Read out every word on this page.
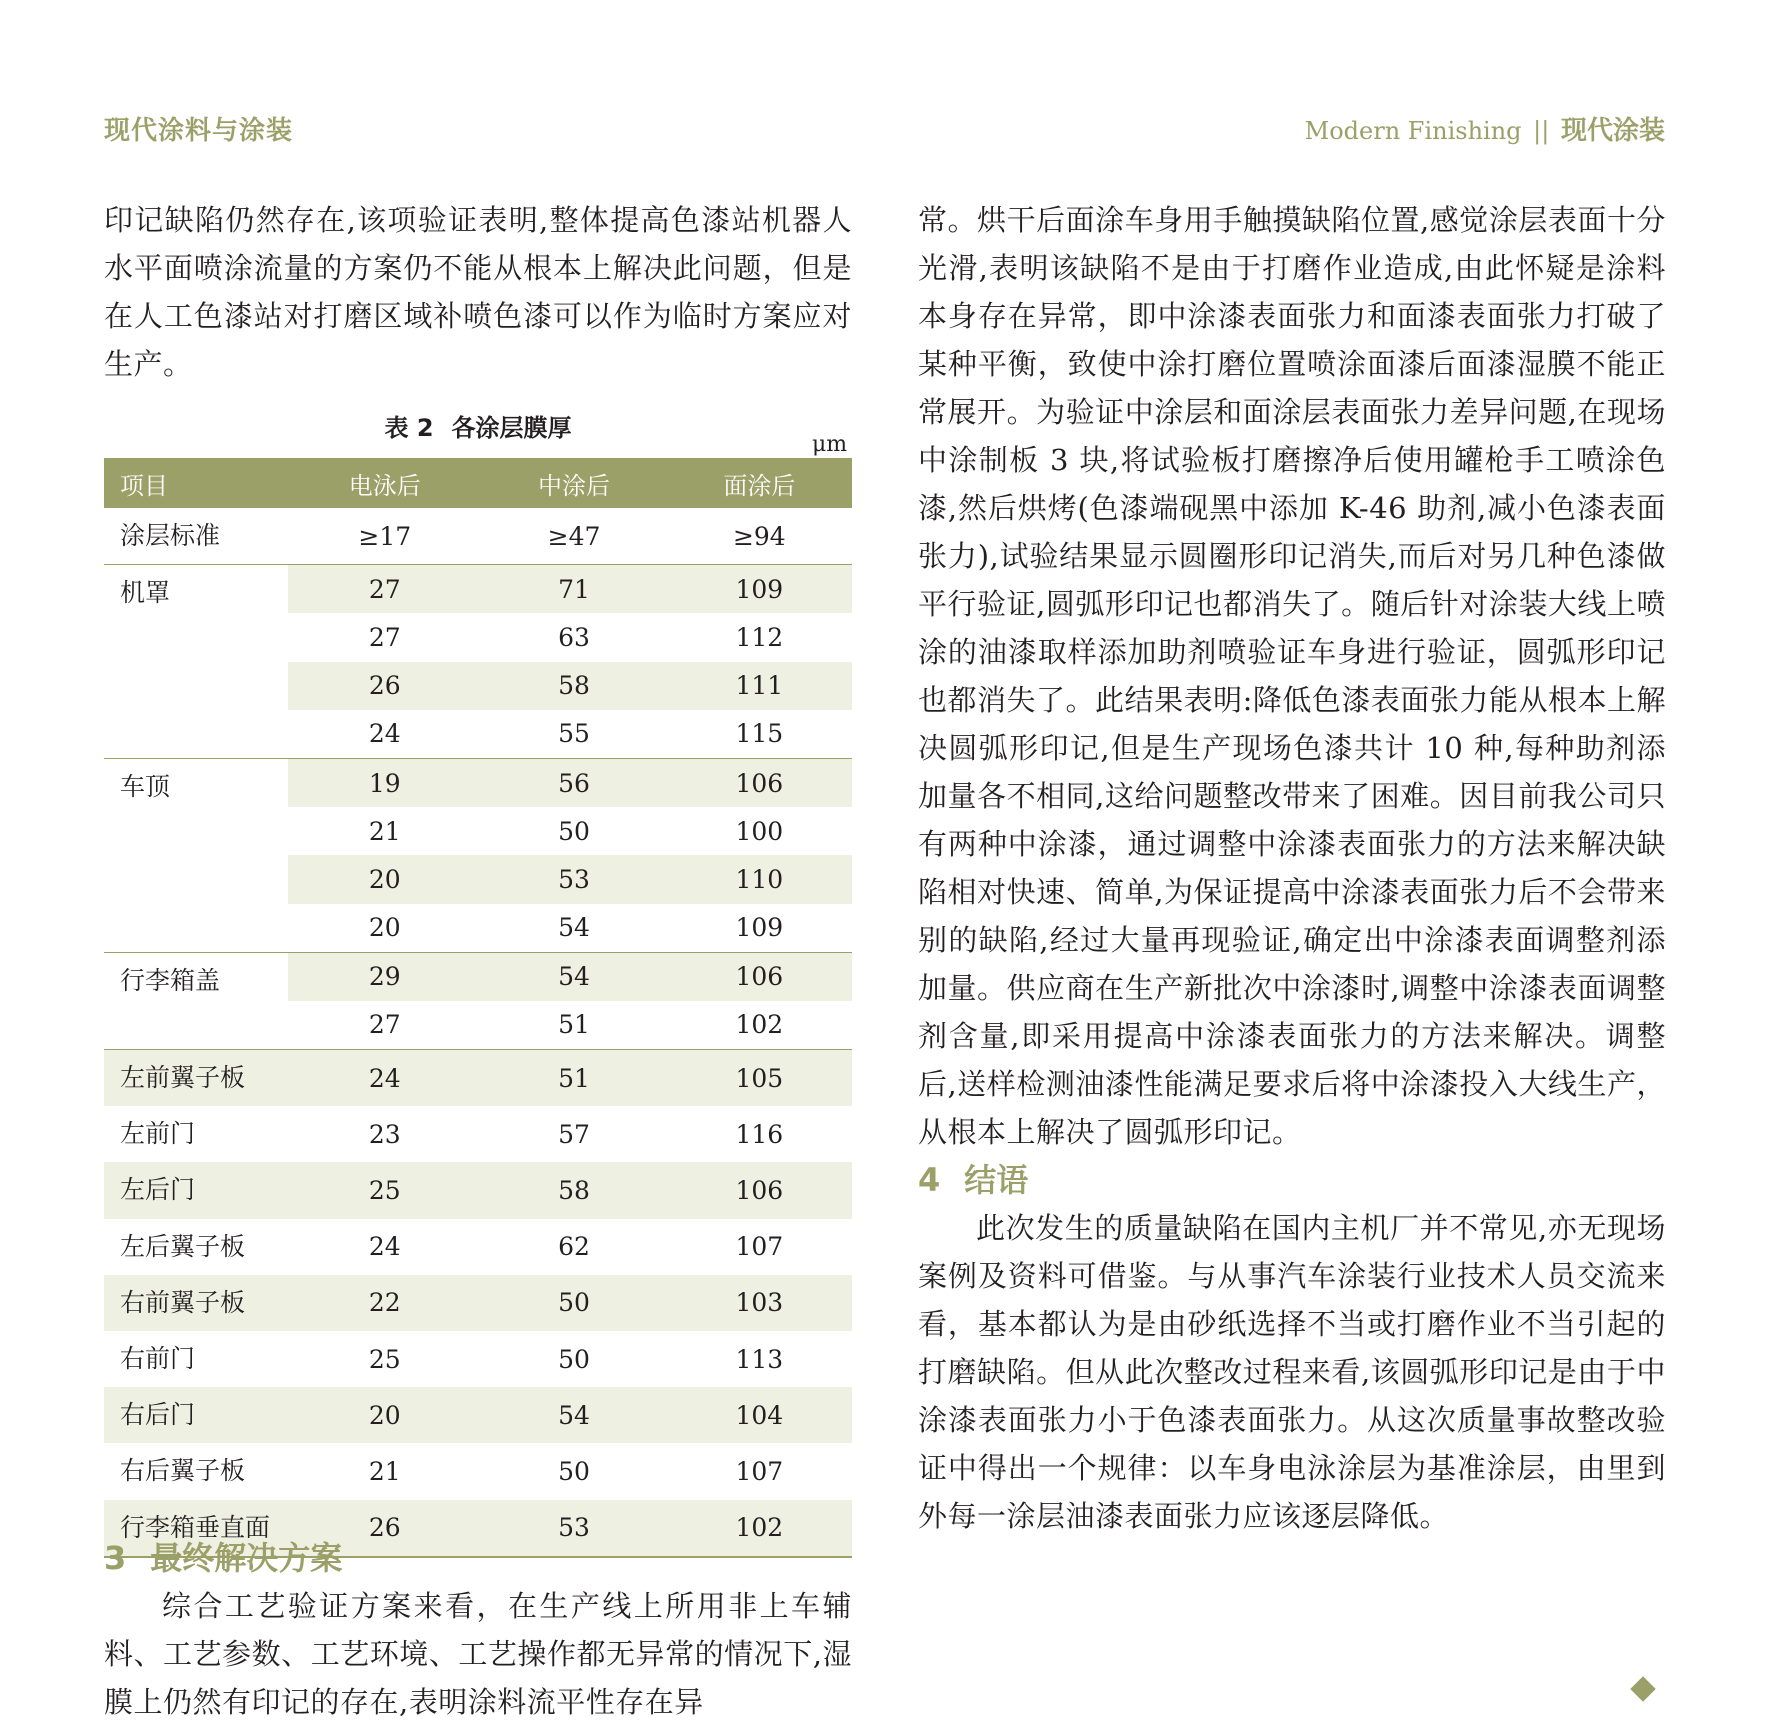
现代涂料与涂装	Modern Finishing || 现代涂装

印记缺陷仍然存在,该项验证表明,整体提高色漆站机器人水平面喷涂流量的方案仍不能从根本上解决此问题，但是在人工色漆站对打磨区域补喷色漆可以作为临时方案应对生产。

表 2 各涂层膜厚
μm
项目	电泳后	中涂后	面涂后
涂层标准	≥17	≥47	≥94
机罩	27	71	109
	27	63	112
	26	58	111
	24	55	115
车顶	19	56	106
	21	50	100
	20	53	110
	20	54	109
行李箱盖	29	54	106
	27	51	102
左前翼子板	24	51	105
左前门	23	57	116
左后门	25	58	106
左后翼子板	24	62	107
右前翼子板	22	50	103
右前门	25	50	113
右后门	20	54	104
右后翼子板	21	50	107
行李箱垂直面	26	53	102
3 最终解决方案

综合工艺验证方案来看，在生产线上所用非上车辅料、工艺参数、工艺环境、工艺操作都无异常的情况下,湿膜上仍然有印记的存在,表明涂料流平性存在异

常。烘干后面涂车身用手触摸缺陷位置,感觉涂层表面十分光滑,表明该缺陷不是由于打磨作业造成,由此怀疑是涂料本身存在异常，即中涂漆表面张力和面漆表面张力打破了某种平衡，致使中涂打磨位置喷涂面漆后面漆湿膜不能正常展开。为验证中涂层和面涂层表面张力差异问题,在现场中涂制板 3 块,将试验板打磨擦净后使用罐枪手工喷涂色漆,然后烘烤(色漆端砚黑中添加 K-46 助剂,减小色漆表面张力),试验结果显示圆圈形印记消失,而后对另几种色漆做平行验证,圆弧形印记也都消失了。随后针对涂装大线上喷涂的油漆取样添加助剂喷验证车身进行验证，圆弧形印记也都消失了。此结果表明:降低色漆表面张力能从根本上解决圆弧形印记,但是生产现场色漆共计 10 种,每种助剂添加量各不相同,这给问题整改带来了困难。因目前我公司只有两种中涂漆，通过调整中涂漆表面张力的方法来解决缺陷相对快速、简单,为保证提高中涂漆表面张力后不会带来别的缺陷,经过大量再现验证,确定出中涂漆表面调整剂添加量。供应商在生产新批次中涂漆时,调整中涂漆表面调整剂含量,即采用提高中涂漆表面张力的方法来解决。调整后,送样检测油漆性能满足要求后将中涂漆投入大线生产，从根本上解决了圆弧形印记。

4 结语

此次发生的质量缺陷在国内主机厂并不常见,亦无现场案例及资料可借鉴。与从事汽车涂装行业技术人员交流来看，基本都认为是由砂纸选择不当或打磨作业不当引起的打磨缺陷。但从此次整改过程来看,该圆弧形印记是由于中涂漆表面张力小于色漆表面张力。从这次质量事故整改验证中得出一个规律：以车身电泳涂层为基准涂层，由里到外每一涂层油漆表面张力应该逐层降低。
